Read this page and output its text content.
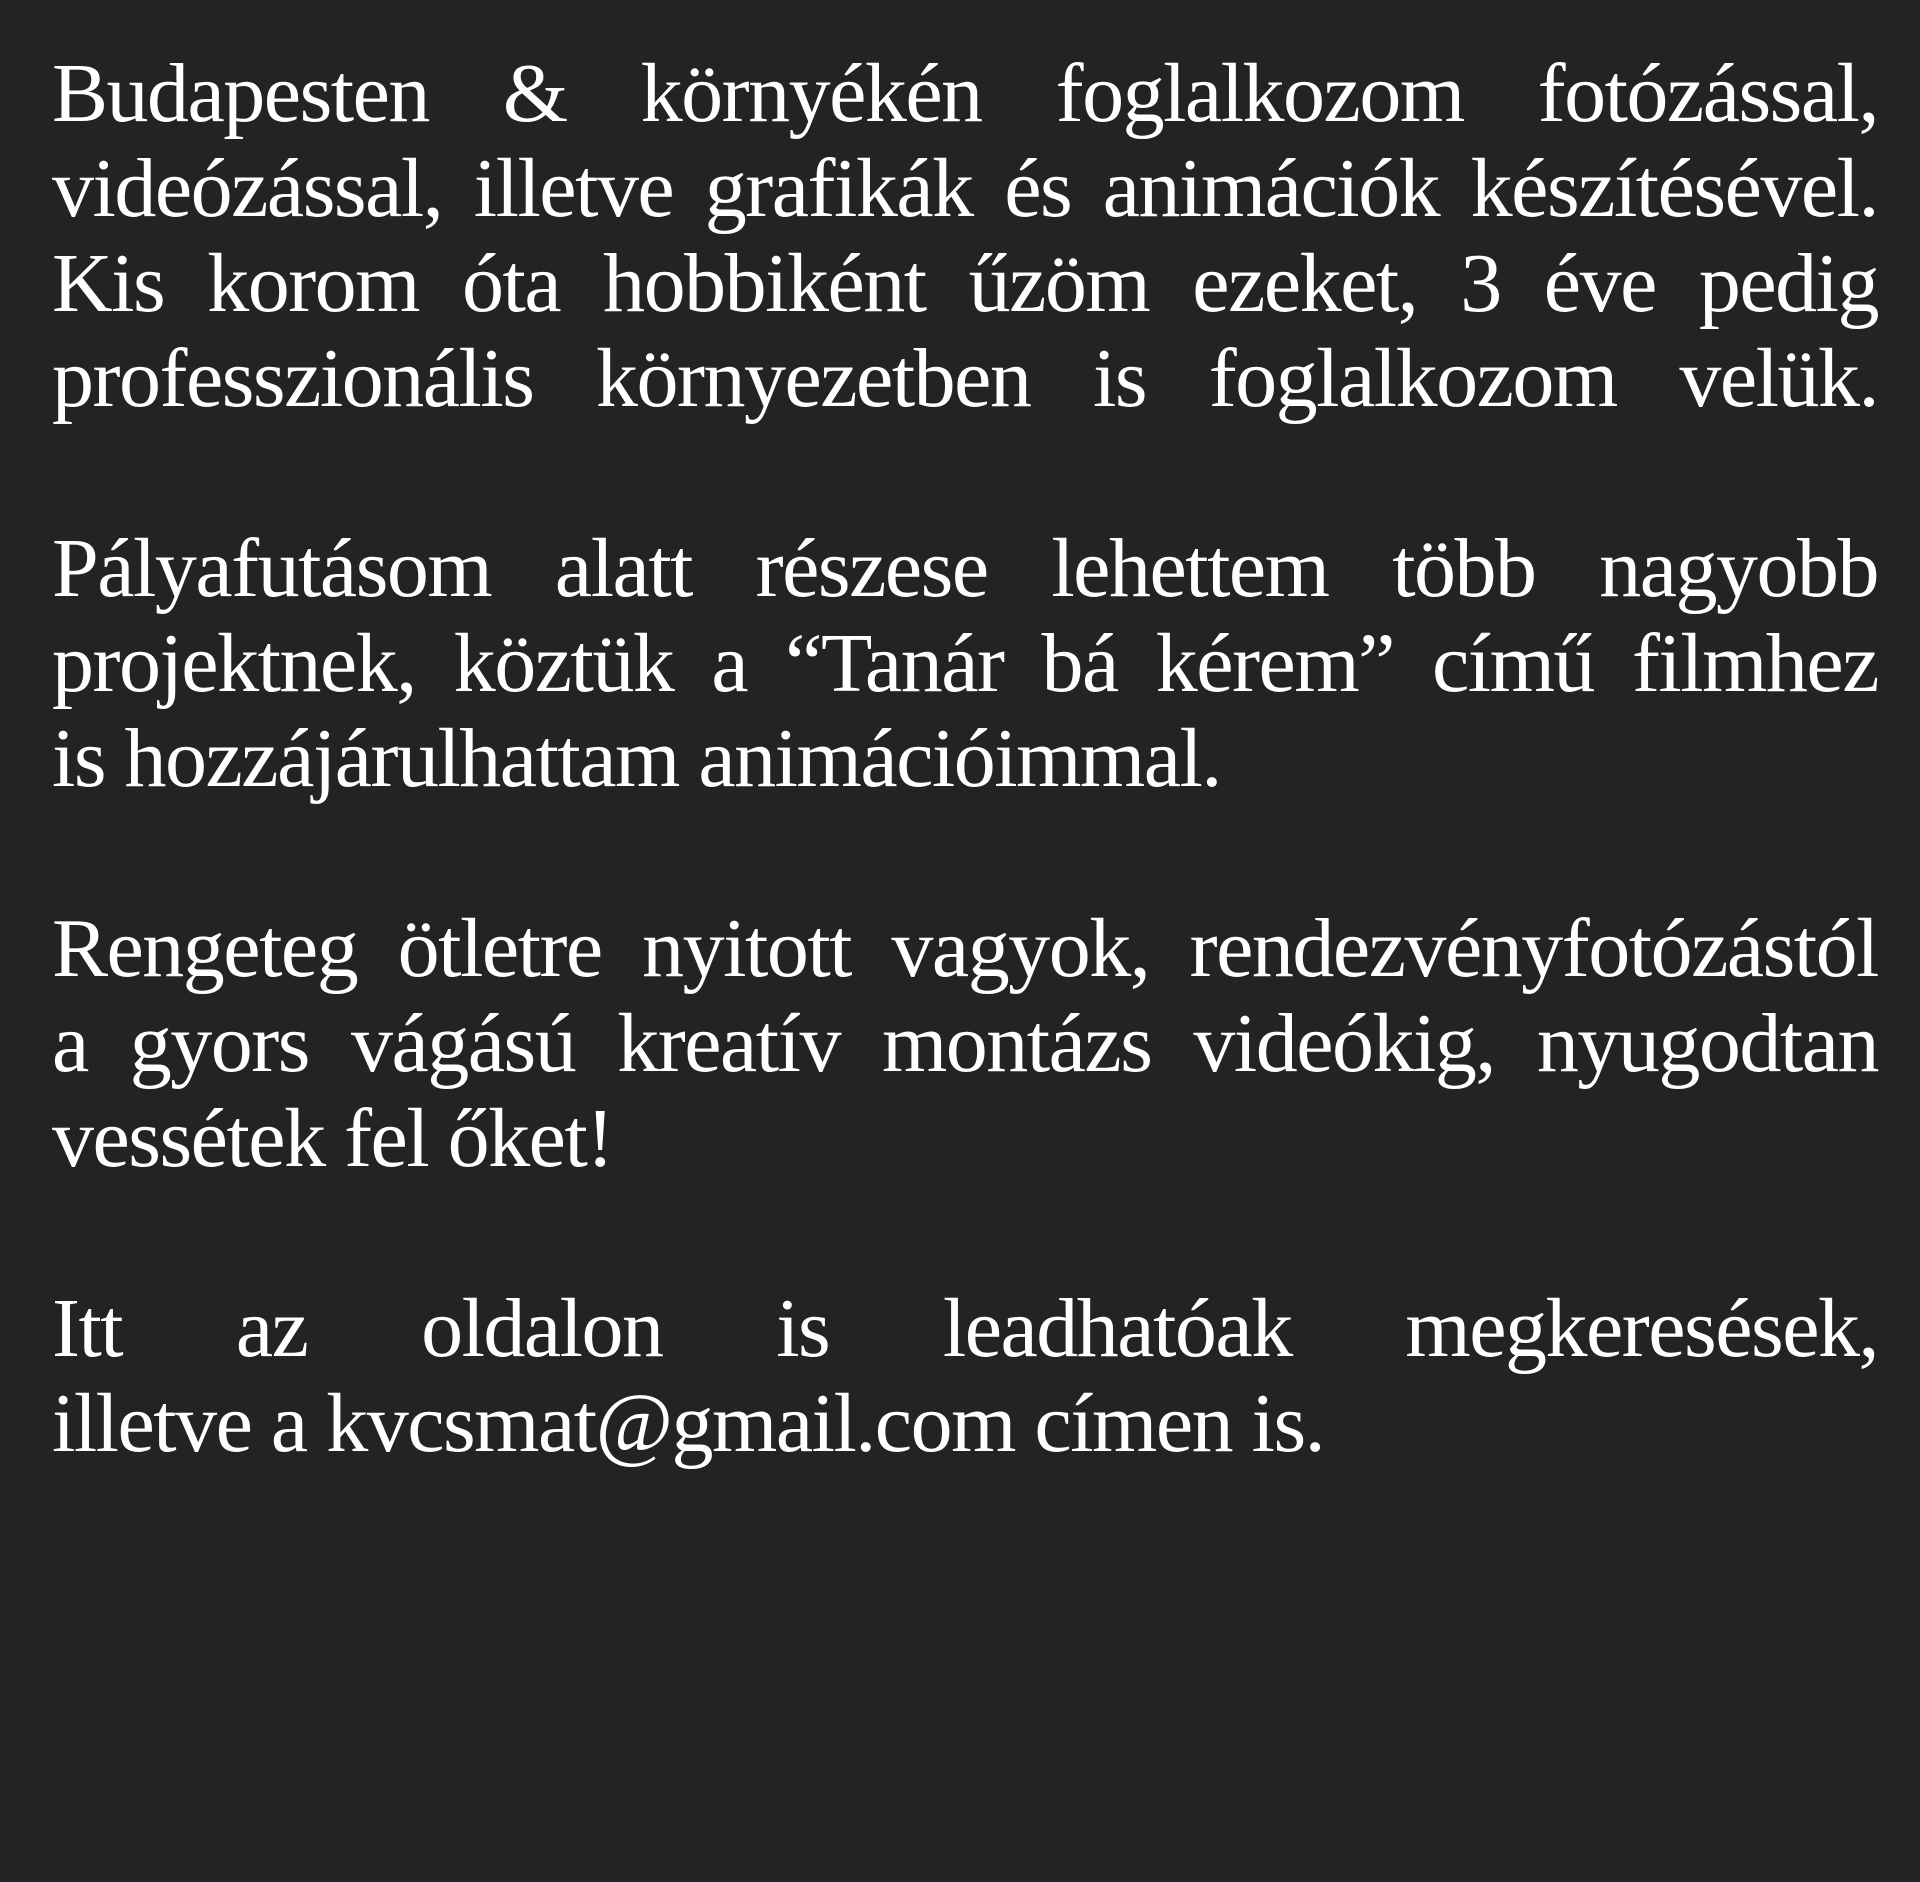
Budapesten & környékén foglalkozom fotózással,
videózással, illetve grafikák és animációk készítésével.
Kis korom óta hobbiként űzöm ezeket, 3 éve pedig
professzionális környezetben is foglalkozom velük.

Pályafutásom alatt részese lehettem több nagyobb
projektnek, köztük a “Tanár bá kérem” című filmhez
is hozzájárulhattam animációimmal.

Rengeteg ötletre nyitott vagyok, rendezvényfotózástól
a gyors vágású kreatív montázs videókig, nyugodtan
vessétek fel őket!

Itt az oldalon is leadhatóak megkeresések,
illetve a kvcsmat@gmail.com címen is.
